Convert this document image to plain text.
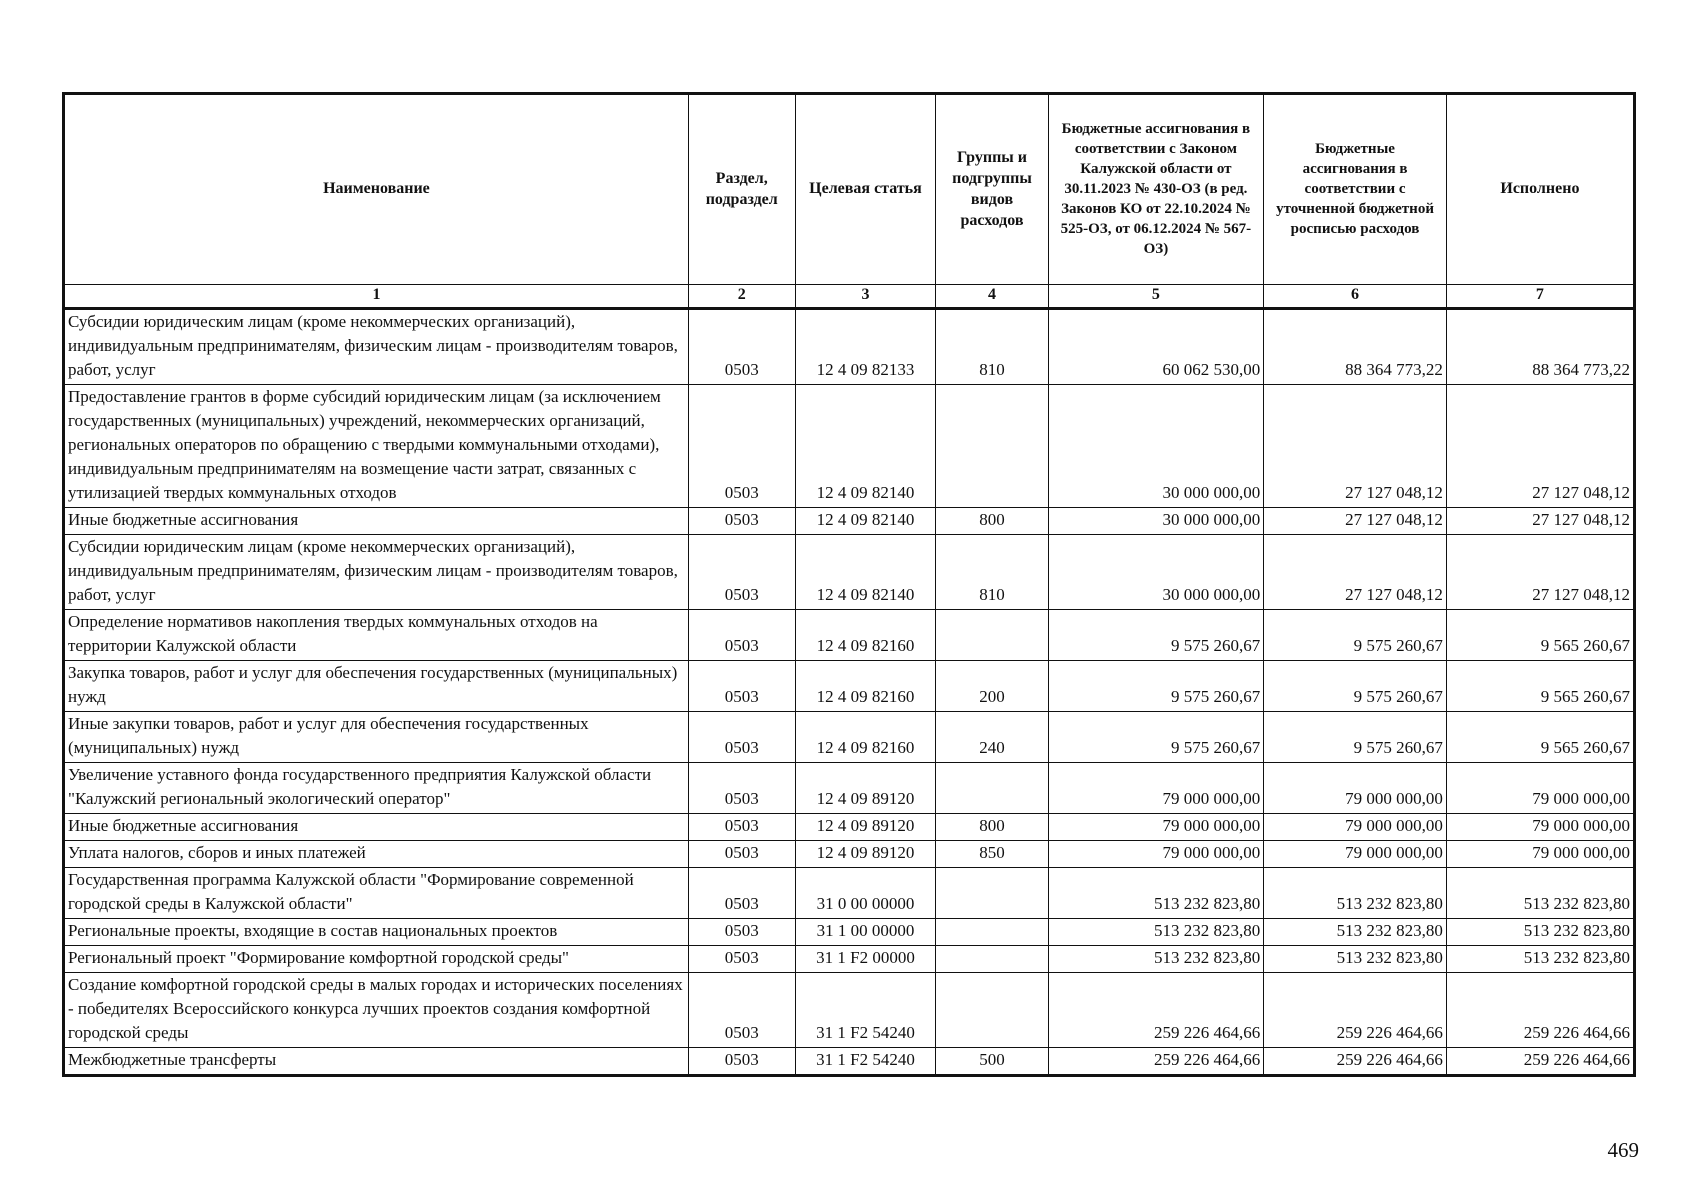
Наименование	Раздел, подраздел	Целевая статья	Группы и подгруппы видов расходов	Бюджетные ассигнования в соответствии с Законом Калужской области от 30.11.2023 № 430-ОЗ (в ред. Законов КО от 22.10.2024 № 525-ОЗ, от 06.12.2024 № 567-ОЗ)	Бюджетные ассигнования в соответствии с уточненной бюджетной росписью расходов	Исполнено
1	2	3	4	5	6	7
Субсидии юридическим лицам (кроме некоммерческих организаций), индивидуальным предпринимателям, физическим лицам - производителям товаров, работ, услуг	0503	12 4 09 82133	810	60 062 530,00	88 364 773,22	88 364 773,22
Предоставление грантов в форме субсидий юридическим лицам (за исключением государственных (муниципальных) учреждений, некоммерческих организаций, региональных операторов по обращению с твердыми коммунальными отходами), индивидуальным предпринимателям на возмещение части затрат, связанных с утилизацией твердых коммунальных отходов	0503	12 4 09 82140		30 000 000,00	27 127 048,12	27 127 048,12
Иные бюджетные ассигнования	0503	12 4 09 82140	800	30 000 000,00	27 127 048,12	27 127 048,12
Субсидии юридическим лицам (кроме некоммерческих организаций), индивидуальным предпринимателям, физическим лицам - производителям товаров, работ, услуг	0503	12 4 09 82140	810	30 000 000,00	27 127 048,12	27 127 048,12
Определение нормативов накопления твердых коммунальных отходов на территории Калужской области	0503	12 4 09 82160		9 575 260,67	9 575 260,67	9 565 260,67
Закупка товаров, работ и услуг для обеспечения государственных (муниципальных) нужд	0503	12 4 09 82160	200	9 575 260,67	9 575 260,67	9 565 260,67
Иные закупки товаров, работ и услуг для обеспечения государственных (муниципальных) нужд	0503	12 4 09 82160	240	9 575 260,67	9 575 260,67	9 565 260,67
Увеличение уставного фонда государственного предприятия Калужской области "Калужский региональный экологический оператор"	0503	12 4 09 89120		79 000 000,00	79 000 000,00	79 000 000,00
Иные бюджетные ассигнования	0503	12 4 09 89120	800	79 000 000,00	79 000 000,00	79 000 000,00
Уплата налогов, сборов и иных платежей	0503	12 4 09 89120	850	79 000 000,00	79 000 000,00	79 000 000,00
Государственная программа Калужской области "Формирование современной городской среды в Калужской области"	0503	31 0 00 00000		513 232 823,80	513 232 823,80	513 232 823,80
Региональные проекты, входящие в состав национальных проектов	0503	31 1 00 00000		513 232 823,80	513 232 823,80	513 232 823,80
Региональный проект "Формирование комфортной городской среды"	0503	31 1 F2 00000		513 232 823,80	513 232 823,80	513 232 823,80
Создание комфортной городской среды в малых городах и исторических поселениях - победителях Всероссийского конкурса лучших проектов создания комфортной городской среды	0503	31 1 F2 54240		259 226 464,66	259 226 464,66	259 226 464,66
Межбюджетные трансферты	0503	31 1 F2 54240	500	259 226 464,66	259 226 464,66	259 226 464,66
469
